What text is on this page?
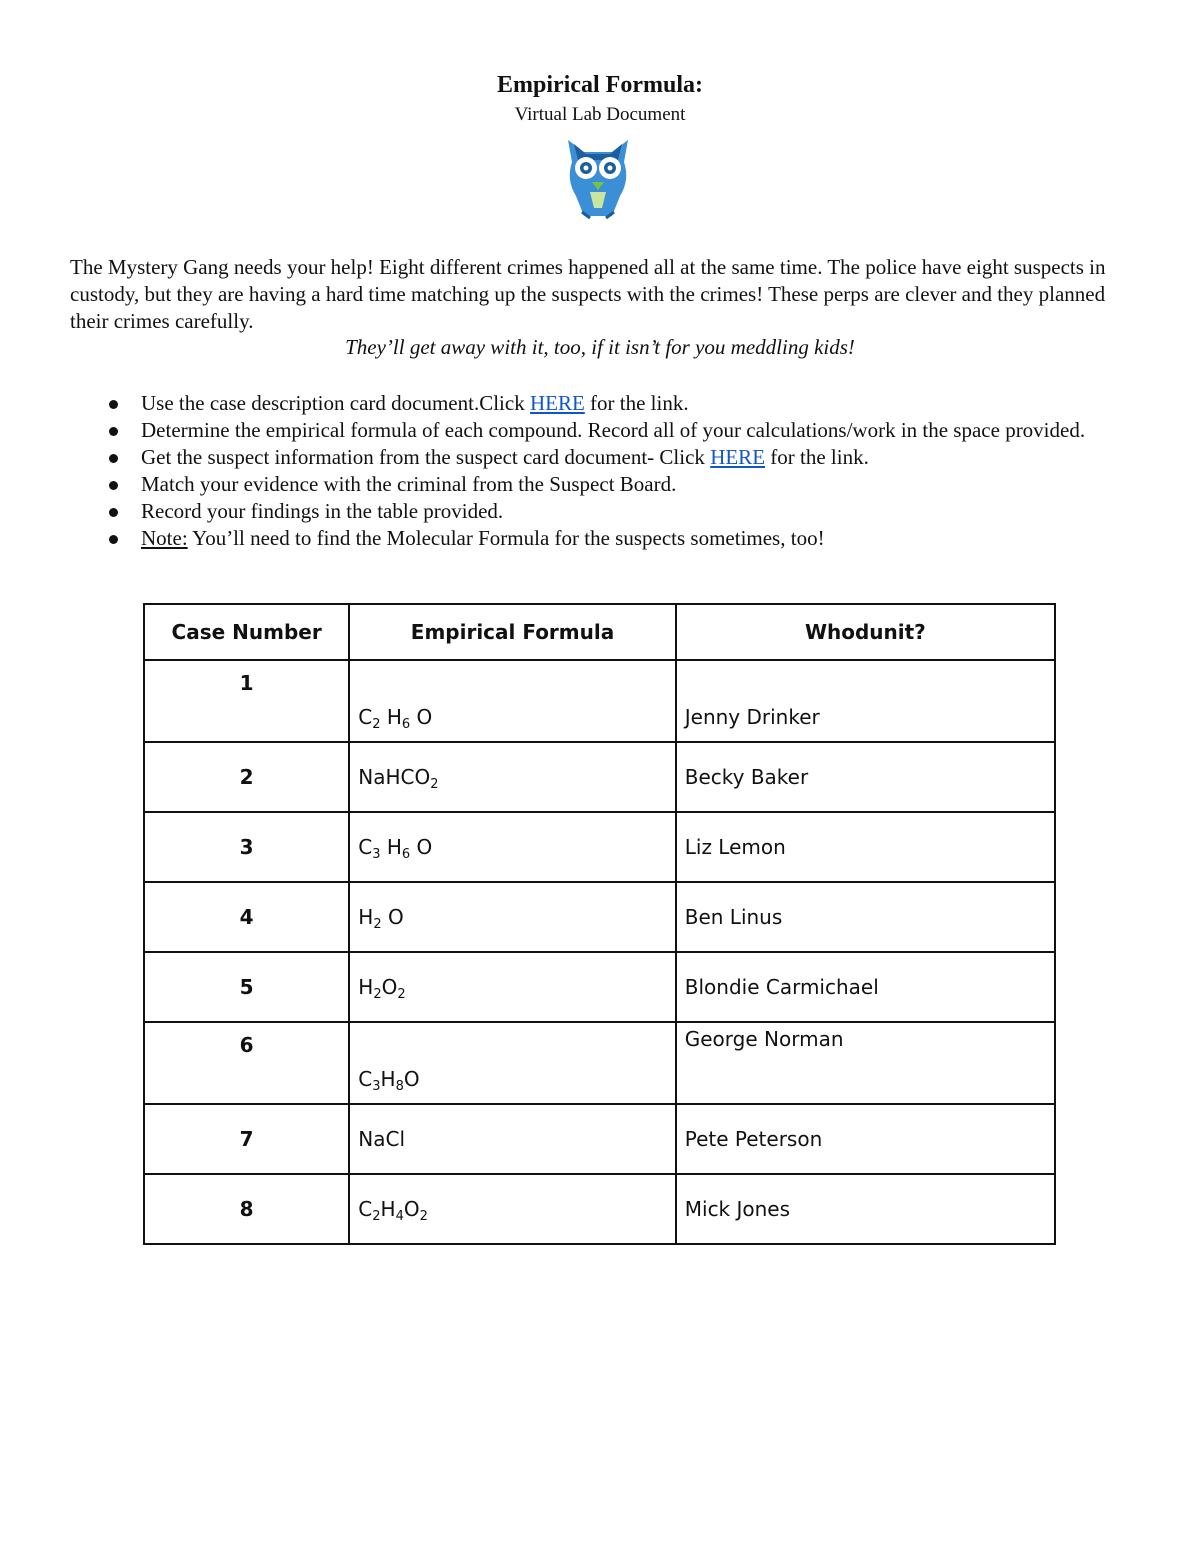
Empirical Formula:
Virtual Lab Document
The Mystery Gang needs your help! Eight different crimes happened all at the same time. The police have eight suspects in custody, but they are having a hard time matching up the suspects with the crimes! These perps are clever and they planned their crimes carefully.
They’ll get away with it, too, if it isn’t for you meddling kids!
Use the case description card document.Click HERE for the link.
Determine the empirical formula of each compound. Record all of your calculations/work in the space provided.
Get the suspect information from the suspect card document- Click HERE for the link.
Match your evidence with the criminal from the Suspect Board.
Record your findings in the table provided.
Note: You’ll need to find the Molecular Formula for the suspects sometimes, too!
Case Number	Empirical Formula	Whodunit?
1	$C_2$ $H_6$ O	Jenny Drinker
2	NaHCO$_2$	Becky Baker
3	$C_3$ $H_6$ O	Liz Lemon
4	$H_2$ O	Ben Linus
5	$H_2O_2$	Blondie Carmichael
6	$C_3H_8O$	George Norman
7	NaCl	Pete Peterson
8	$C_2H_4O_2$	Mick Jones
